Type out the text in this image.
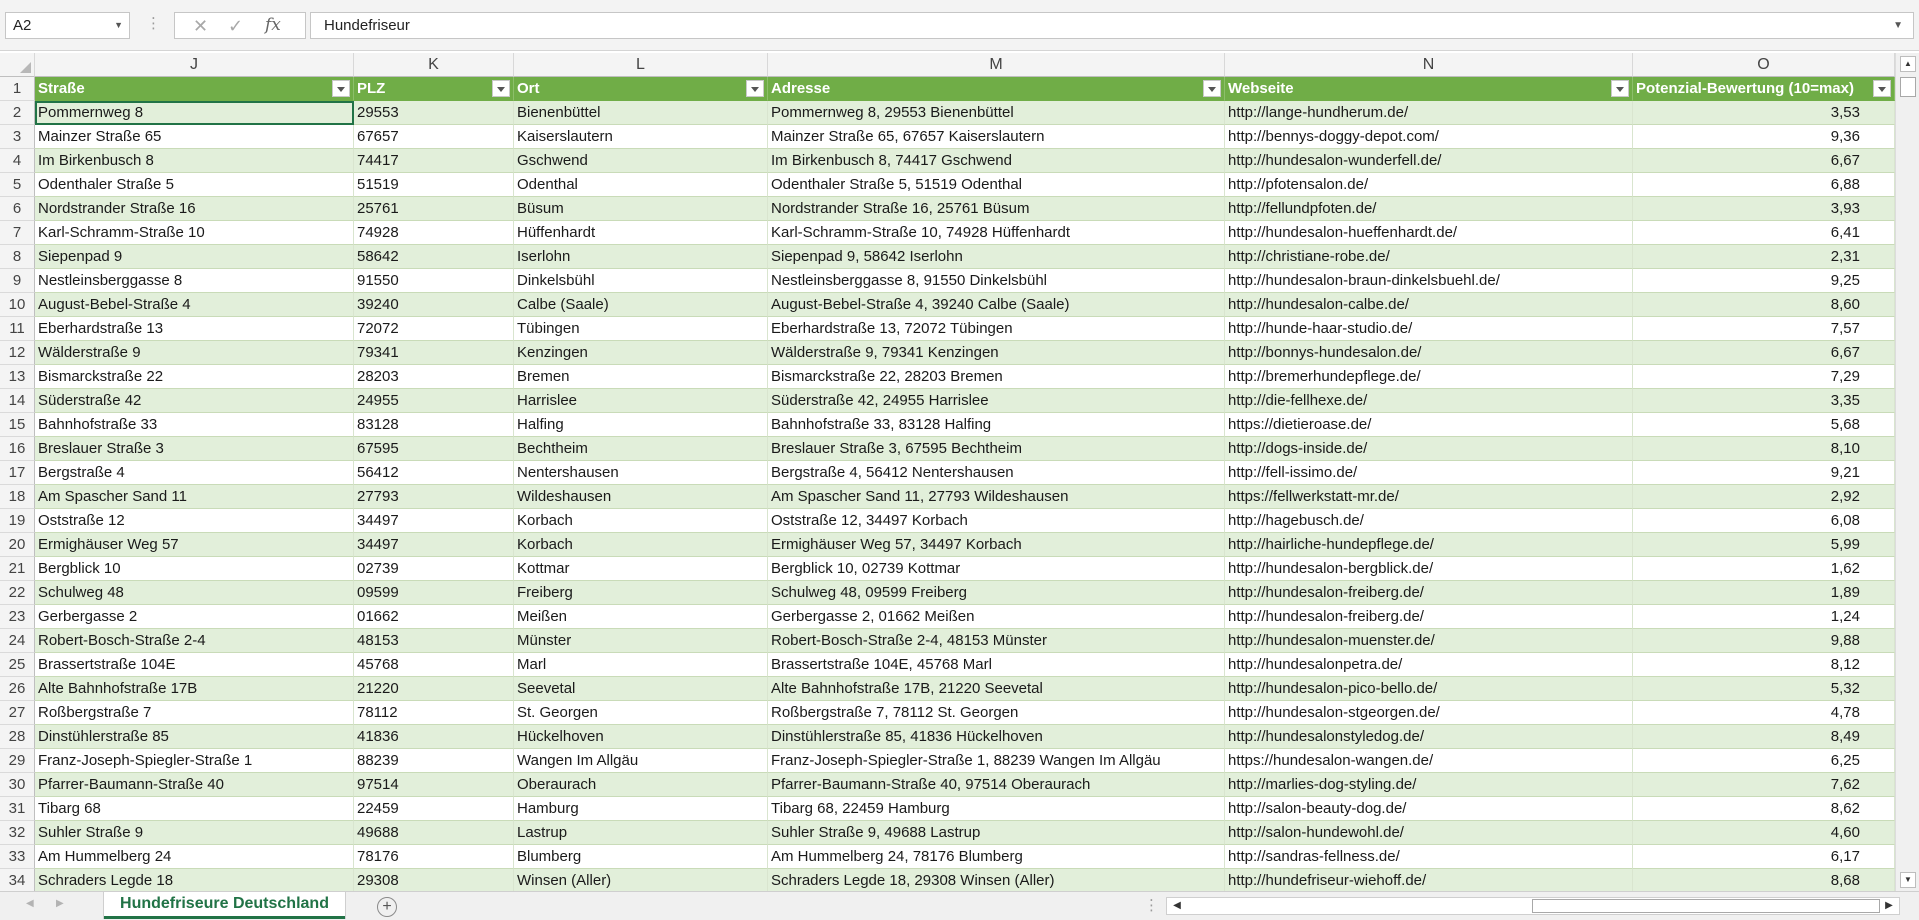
A2	▼ ⋮ ✕ ✓ fx	Hundefriseur	▼
J	K	L	M	N	O
1	Straße	PLZ	Ort	Adresse	Webseite	Potenzial-Bewertung (10=max)
2	Pommernweg 8	29553	Bienenbüttel	Pommernweg 8, 29553 Bienenbüttel	http://lange-hundherum.de/	3,53
3	Mainzer Straße 65	67657	Kaiserslautern	Mainzer Straße 65, 67657 Kaiserslautern	http://bennys-doggy-depot.com/	9,36
4	Im Birkenbusch 8	74417	Gschwend	Im Birkenbusch 8, 74417 Gschwend	http://hundesalon-wunderfell.de/	6,67
5	Odenthaler Straße 5	51519	Odenthal	Odenthaler Straße 5, 51519 Odenthal	http://pfotensalon.de/	6,88
6	Nordstrander Straße 16	25761	Büsum	Nordstrander Straße 16, 25761 Büsum	http://fellundpfoten.de/	3,93
7	Karl-Schramm-Straße 10	74928	Hüffenhardt	Karl-Schramm-Straße 10, 74928 Hüffenhardt	http://hundesalon-hueffenhardt.de/	6,41
8	Siepenpad 9	58642	Iserlohn	Siepenpad 9, 58642 Iserlohn	http://christiane-robe.de/	2,31
9	Nestleinsberggasse 8	91550	Dinkelsbühl	Nestleinsberggasse 8, 91550 Dinkelsbühl	http://hundesalon-braun-dinkelsbuehl.de/	9,25
10 August-Bebel-Straße 4	39240	Calbe (Saale)	August-Bebel-Straße 4, 39240 Calbe (Saale)	http://hundesalon-calbe.de/	8,60
11 Eberhardstraße 13	72072	Tübingen	Eberhardstraße 13, 72072 Tübingen	http://hunde-haar-studio.de/	7,57
12 Wälderstraße 9	79341	Kenzingen	Wälderstraße 9, 79341 Kenzingen	http://bonnys-hundesalon.de/	6,67
13 Bismarckstraße 22	28203	Bremen	Bismarckstraße 22, 28203 Bremen	http://bremerhundepflege.de/	7,29
14 Süderstraße 42	24955	Harrislee	Süderstraße 42, 24955 Harrislee	http://die-fellhexe.de/	3,35
15 Bahnhofstraße 33	83128	Halfing	Bahnhofstraße 33, 83128 Halfing	https://dietieroase.de/	5,68
16 Breslauer Straße 3	67595	Bechtheim	Breslauer Straße 3, 67595 Bechtheim	http://dogs-inside.de/	8,10
17 Bergstraße 4	56412	Nentershausen	Bergstraße 4, 56412 Nentershausen	http://fell-issimo.de/	9,21
18 Am Spascher Sand 11	27793	Wildeshausen	Am Spascher Sand 11, 27793 Wildeshausen	https://fellwerkstatt-mr.de/	2,92
19 Oststraße 12	34497	Korbach	Oststraße 12, 34497 Korbach	http://hagebusch.de/	6,08
20 Ermighäuser Weg 57	34497	Korbach	Ermighäuser Weg 57, 34497 Korbach	http://hairliche-hundepflege.de/	5,99
21 Bergblick 10	02739	Kottmar	Bergblick 10, 02739 Kottmar	http://hundesalon-bergblick.de/	1,62
22 Schulweg 48	09599	Freiberg	Schulweg 48, 09599 Freiberg	http://hundesalon-freiberg.de/	1,89
23 Gerbergasse 2	01662	Meißen	Gerbergasse 2, 01662 Meißen	http://hundesalon-freiberg.de/	1,24
24 Robert-Bosch-Straße 2-4	48153	Münster	Robert-Bosch-Straße 2-4, 48153 Münster	http://hundesalon-muenster.de/	9,88
25 Brassertstraße 104E	45768	Marl	Brassertstraße 104E, 45768 Marl	http://hundesalonpetra.de/	8,12
26 Alte Bahnhofstraße 17B	21220	Seevetal	Alte Bahnhofstraße 17B, 21220 Seevetal	http://hundesalon-pico-bello.de/	5,32
27 Roßbergstraße 7	78112	St. Georgen	Roßbergstraße 7, 78112 St. Georgen	http://hundesalon-stgeorgen.de/	4,78
28 Dinstühlerstraße 85	41836	Hückelhoven	Dinstühlerstraße 85, 41836 Hückelhoven	http://hundesalonstyledog.de/	8,49
29 Franz-Joseph-Spiegler-Straße 1	88239	Wangen Im Allgäu	Franz-Joseph-Spiegler-Straße 1, 88239 Wangen Im Allgäu	https://hundesalon-wangen.de/	6,25
30 Pfarrer-Baumann-Straße 40	97514	Oberaurach	Pfarrer-Baumann-Straße 40, 97514 Oberaurach	http://marlies-dog-styling.de/	7,62
31 Tibarg 68	22459	Hamburg	Tibarg 68, 22459 Hamburg	http://salon-beauty-dog.de/	8,62
32 Suhler Straße 9	49688	Lastrup	Suhler Straße 9, 49688 Lastrup	http://salon-hundewohl.de/	4,60
33 Am Hummelberg 24	78176	Blumberg	Am Hummelberg 24, 78176 Blumberg	http://sandras-fellness.de/	6,17
34 Schraders Legde 18	29308	Winsen (Aller)	Schraders Legde 18, 29308 Winsen (Aller)	http://hundefriseur-wiehoff.de/	8,68
▲
▼
◀ ▶	Hundefriseure Deutschland	+	⋮	◀	▶
